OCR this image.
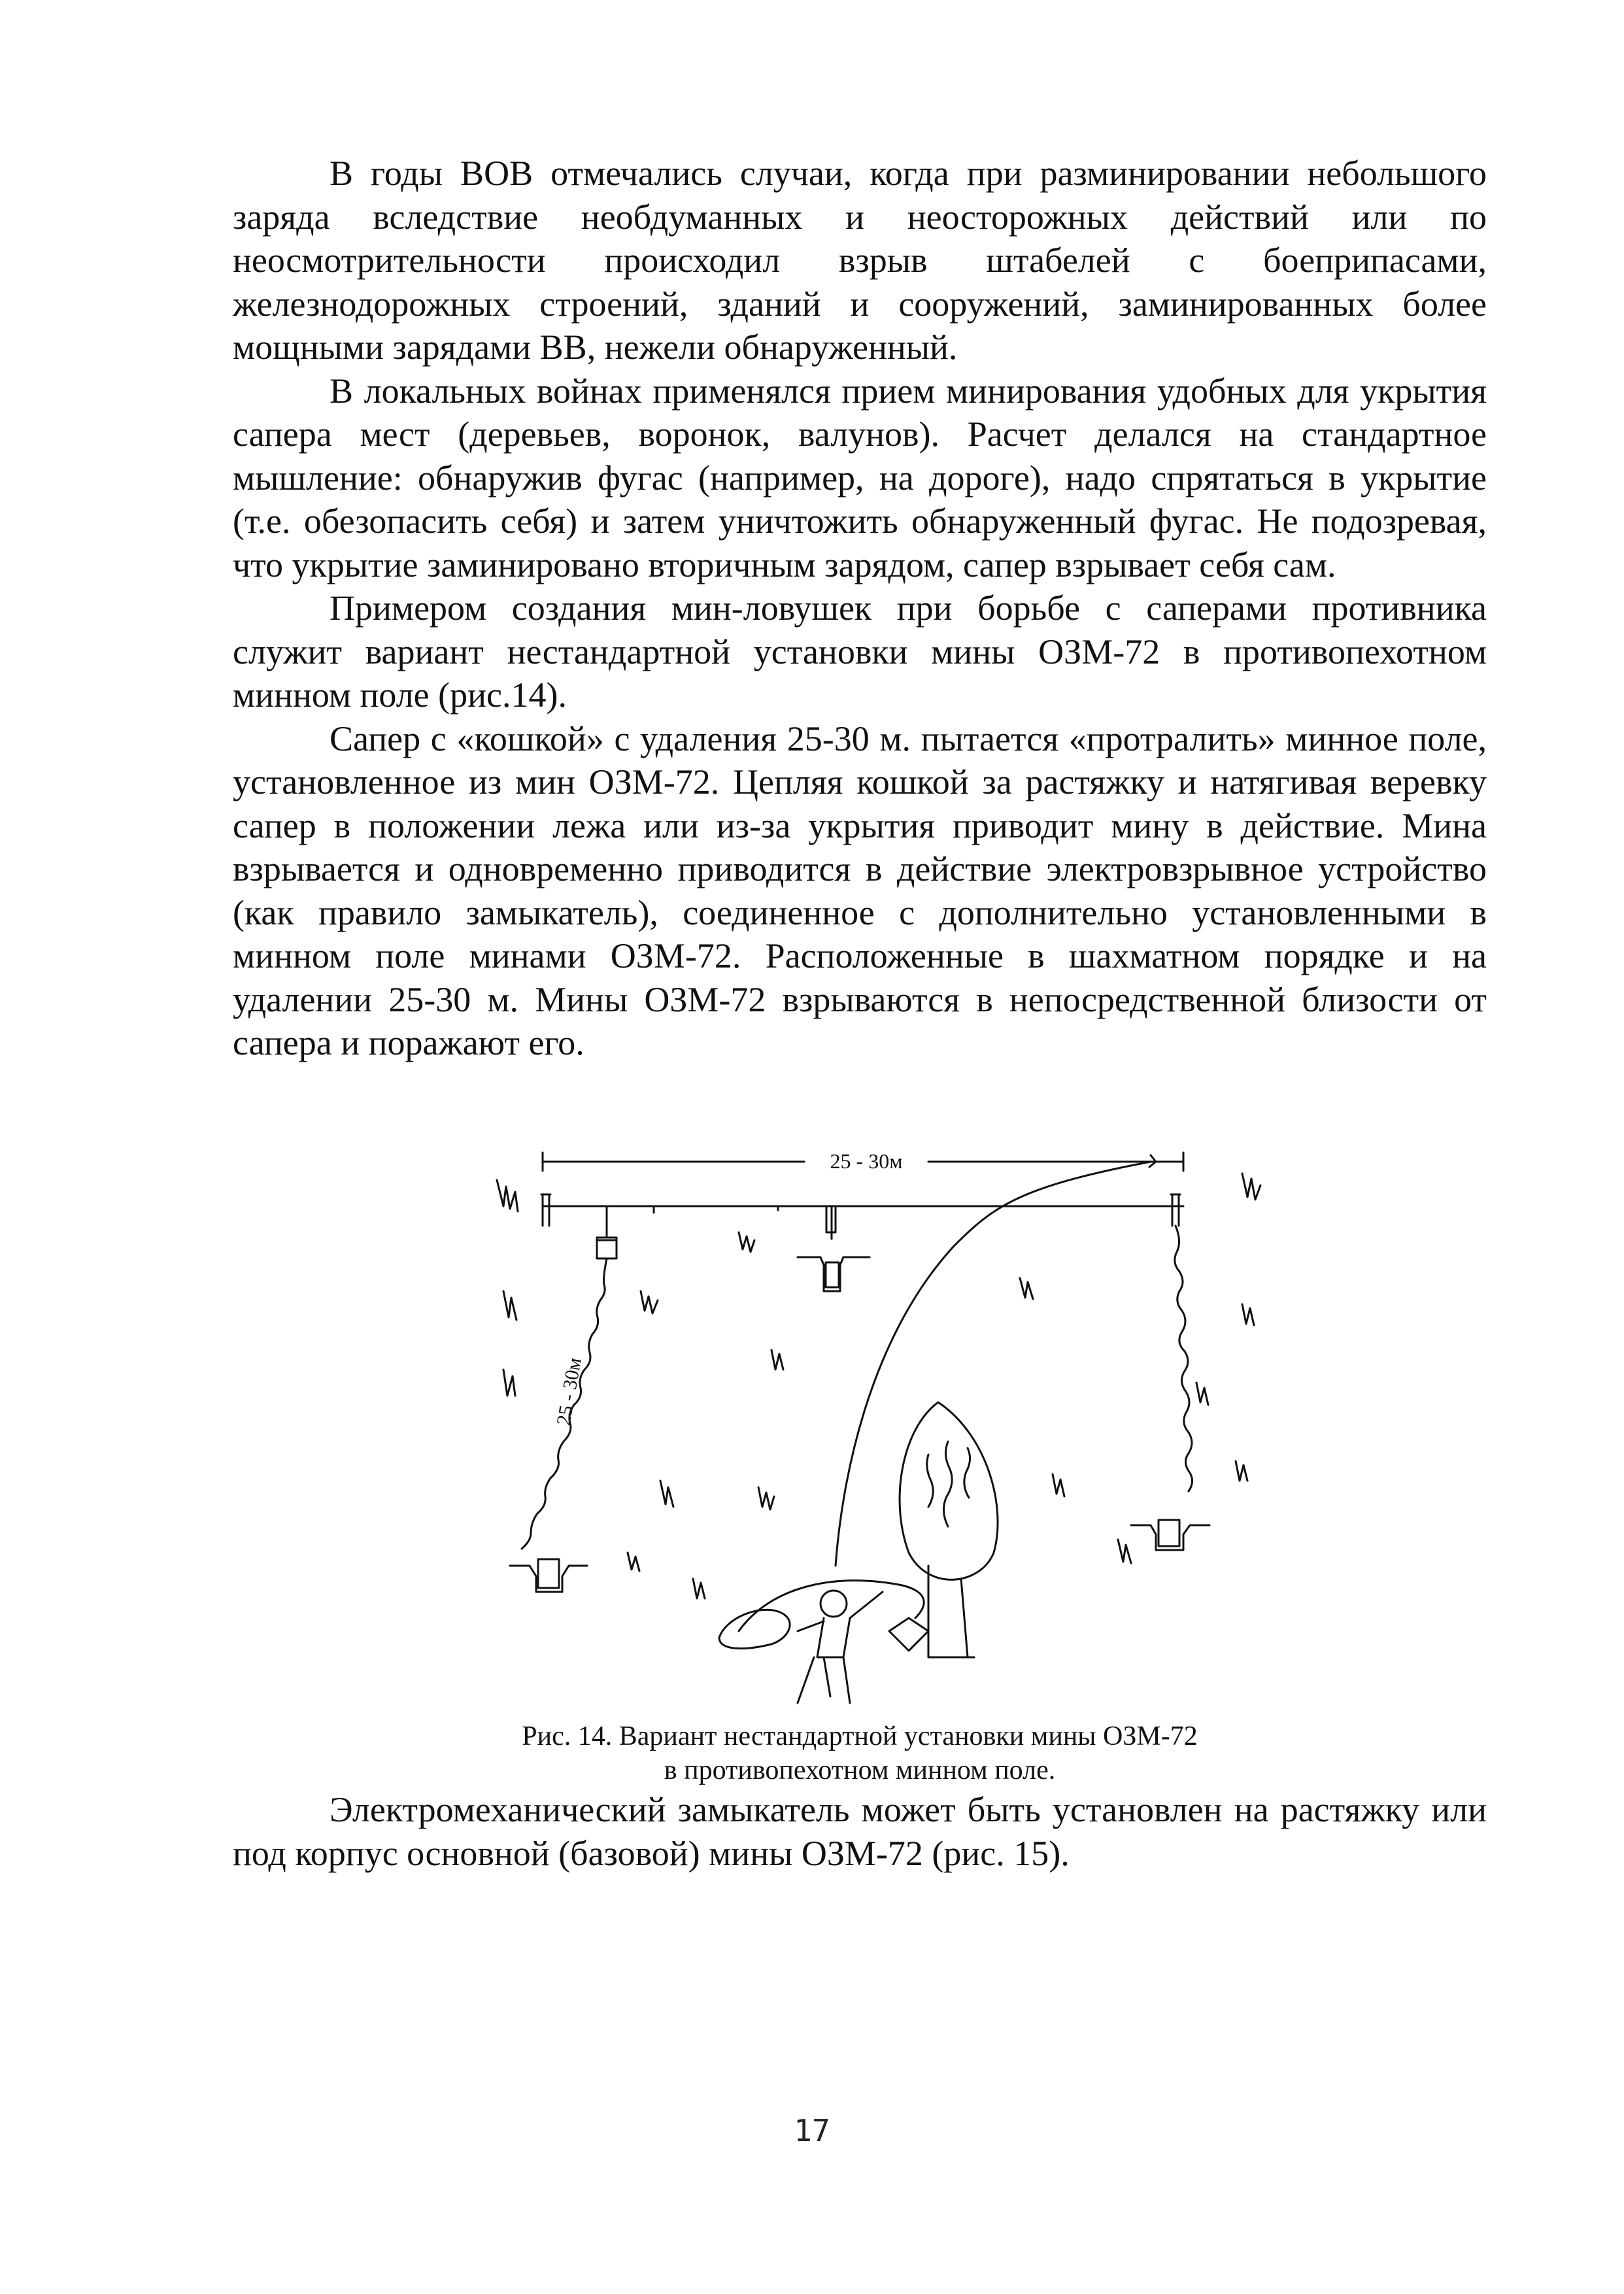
В годы ВОВ отмечались случаи, когда при разминировании небольшого заряда вследствие необдуманных и неосторожных действий или по неосмотрительности происходил взрыв штабелей с боеприпасами, железнодорожных строений, зданий и сооружений, заминированных более мощными зарядами ВВ, нежели обнаруженный.

В локальных войнах применялся прием минирования удобных для укрытия сапера мест (деревьев, воронок, валунов). Расчет делался на стандартное мышление: обнаружив фугас (например, на дороге), надо спрятаться в укрытие (т.е. обезопасить себя) и затем уничтожить обнаруженный фугас. Не подозревая, что укрытие заминировано вторичным зарядом, сапер взрывает себя сам.

Примером создания мин-ловушек при борьбе с саперами противника служит вариант нестандартной установки мины ОЗМ-72 в противопехотном минном поле (рис.14).

Сапер с «кошкой» с удаления 25-30 м. пытается «протралить» минное поле, установленное из мин ОЗМ-72. Цепляя кошкой за растяжку и натягивая веревку сапер в положении лежа или из-за укрытия приводит мину в действие. Мина взрывается и одновременно приводится в действие электровзрывное устройство (как правило замыкатель), соединенное с дополнительно установленными в минном поле минами ОЗМ-72. Расположенные в шахматном порядке и на удалении 25-30 м. Мины ОЗМ-72 взрываются в непосредственной близости от сапера и поражают его.

25 - 30м
25 - 30м
Рис. 14. Вариант нестандартной установки мины ОЗМ-72
в противопехотном минном поле.

Электромеханический замыкатель может быть установлен на растяжку или под корпус основной (базовой) мины ОЗМ-72 (рис. 15).

17
